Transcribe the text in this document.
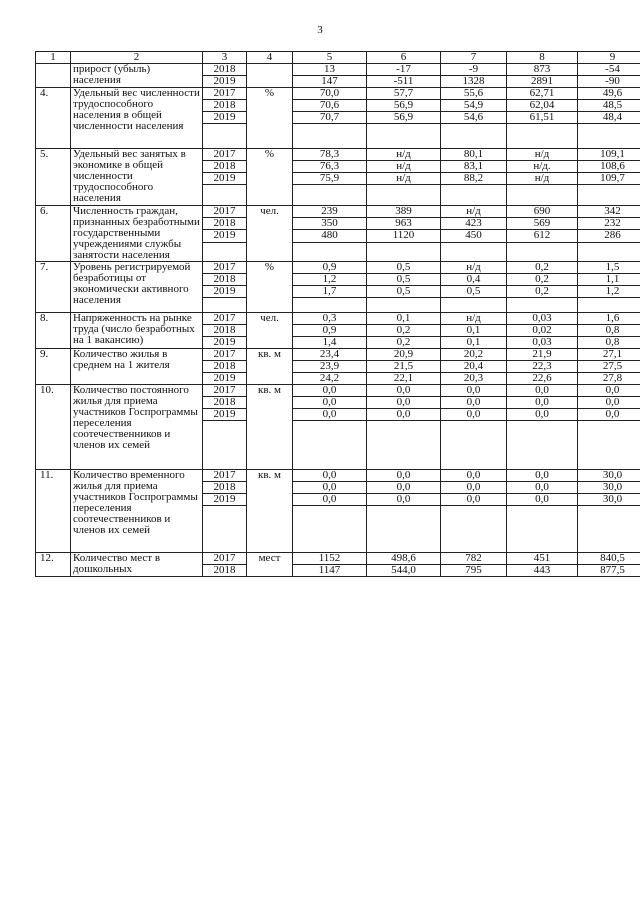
3
1	2	3	4	5	6	7	8	9
	прирост (убыль) населения	2018		13	-17	-9	873	-54
		2019		147	-511	1328	2891	-90
4.	Удельный вес численности трудоспособного населения в общей численности населения	2017	%	70,0	57,7	55,6	62,71	49,6
		2018		70,6	56,9	54,9	62,04	48,5
		2019		70,7	56,9	54,6	61,51	48,4

5.	Удельный вес занятых в экономике в общей численности трудоспособного населения	2017	%	78,3	н/д	80,1	н/д	109,1
		2018		76,3	н/д	83,1	н/д.	108,6
		2019		75,9	н/д	88,2	н/д	109,7

6.	Численность граждан, признанных безработными государственными учреждениями службы занятости населения	2017	чел.	239	389	н/д	690	342
		2018		350	963	423	569	232
		2019		480	1120	450	612	286

7.	Уровень регистрируемой безработицы от экономически активного населения	2017	%	0,9	0,5	н/д	0,2	1,5
		2018		1,2	0,5	0,4	0,2	1,1
		2019		1,7	0,5	0,5	0,2	1,2

8.	Напряженность на рынке труда (число безработных на 1 вакансию)	2017	чел.	0,3	0,1	н/д	0,03	1,6
		2018		0,9	0,2	0,1	0,02	0,8
		2019		1,4	0,2	0,1	0,03	0,8
9.	Количество жилья в среднем на 1 жителя	2017	кв. м	23,4	20,9	20,2	21,9	27,1
		2018		23,9	21,5	20,4	22,3	27,5
		2019		24,2	22,1	20,3	22,6	27,8
10.	Количество постоянного жилья для приема участников Госпрограммы переселения соотечественников и членов их семей	2017	кв. м	0,0	0,0	0,0	0,0	0,0
		2018		0,0	0,0	0,0	0,0	0,0
		2019		0,0	0,0	0,0	0,0	0,0

11.	Количество временного жилья для приема участников Госпрограммы переселения соотечественников и членов их семей	2017	кв. м	0,0	0,0	0,0	0,0	30,0
		2018		0,0	0,0	0,0	0,0	30,0
		2019		0,0	0,0	0,0	0,0	30,0

12.	Количество мест в дошкольных	2017	мест	1152	498,6	782	451	840,5
		2018		1147	544,0	795	443	877,5
